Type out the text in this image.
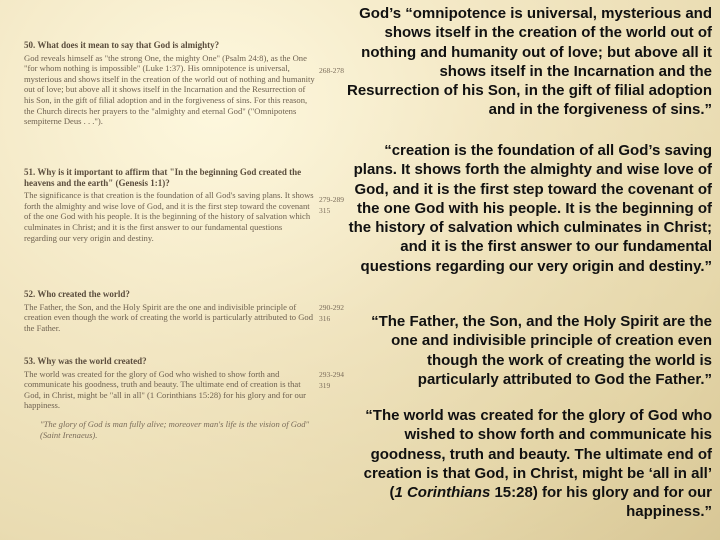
50. What does it mean to say that God is almighty?
God reveals himself as "the strong One, the mighty One" (Psalm 24:8), as the One "for whom nothing is impossible" (Luke 1:37). His omnipotence is universal, mysterious and shows itself in the creation of the world out of nothing and humanity out of love; but above all it shows itself in the Incarnation and the Resurrection of his Son, in the gift of filial adoption and in the forgiveness of sins. For this reason, the Church directs her prayers to the "almighty and eternal God" ("Omnipotens sempiterne Deus . . .").
268-278
51. Why is it important to affirm that "In the beginning God created the heavens and the earth" (Genesis 1:1)?
The significance is that creation is the foundation of all God's saving plans. It shows forth the almighty and wise love of God, and it is the first step toward the covenant of the one God with his people. It is the beginning of the history of salvation which culminates in Christ; and it is the first answer to our fundamental questions regarding our very origin and destiny.
279-289 315
52. Who created the world?
The Father, the Son, and the Holy Spirit are the one and indivisible principle of creation even though the work of creating the world is particularly attributed to God the Father.
290-292 316
53. Why was the world created?
The world was created for the glory of God who wished to show forth and communicate his goodness, truth and beauty. The ultimate end of creation is that God, in Christ, might be "all in all" (1 Corinthians 15:28) for his glory and for our happiness.
"The glory of God is man fully alive; moreover man's life is the vision of God" (Saint Irenaeus).
293-294 319

God’s “omnipotence is universal, mysterious and shows itself in the creation of the world out of nothing and humanity out of love; but above all it shows itself in the Incarnation and the Resurrection of his Son, in the gift of filial adoption and in the forgiveness of sins.”

“creation is the foundation of all God’s saving plans. It shows forth the almighty and wise love of God, and it is the first step toward the covenant of the one God with his people. It is the beginning of the history of salvation which culminates in Christ; and it is the first answer to our fundamental questions regarding our very origin and destiny.”

“The Father, the Son, and the Holy Spirit are the one and indivisible principle of creation even though the work of creating the world is particularly attributed to God the Father.”

“The world was created for the glory of God who wished to show forth and communicate his goodness, truth and beauty. The ultimate end of creation is that God, in Christ, might be ‘all in all’ (1 Corinthians 15:28) for his glory and for our happiness.”
